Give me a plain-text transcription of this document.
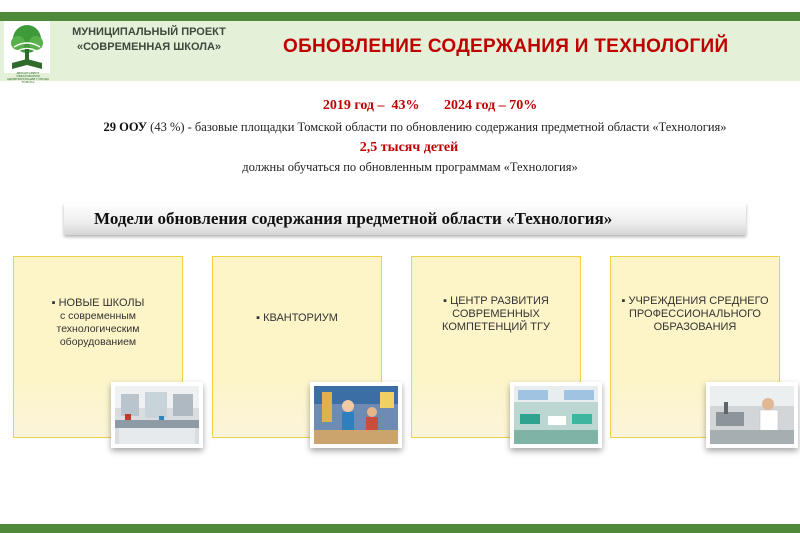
ДЕПАРТАМЕНТ ОБРАЗОВАНИЯ АДМИНИСТРАЦИИ ГОРОДА ТОМСКА
МУНИЦИПАЛЬНЫЙ ПРОЕКТ
«СОВРЕМЕННАЯ ШКОЛА»	ОБНОВЛЕНИЕ СОДЕРЖАНИЯ И ТЕХНОЛОГИЙ
2019 год –  43%       2024 год – 70%
29 ООУ (43 %) - базовые площадки Томской области по обновлению содержания предметной области «Технология»
2,5 тысяч детей
должны обучаться по обновленным программам «Технология»
Модели обновления содержания предметной области «Технология»
▪ НОВЫЕ ШКОЛЫ
с современным технологическим оборудованием
▪ КВАНТОРИУМ
▪ ЦЕНТР РАЗВИТИЯ СОВРЕМЕННЫХ КОМПЕТЕНЦИЙ ТГУ
▪ УЧРЕЖДЕНИЯ СРЕДНЕГО ПРОФЕССИОНАЛЬНОГО ОБРАЗОВАНИЯ
